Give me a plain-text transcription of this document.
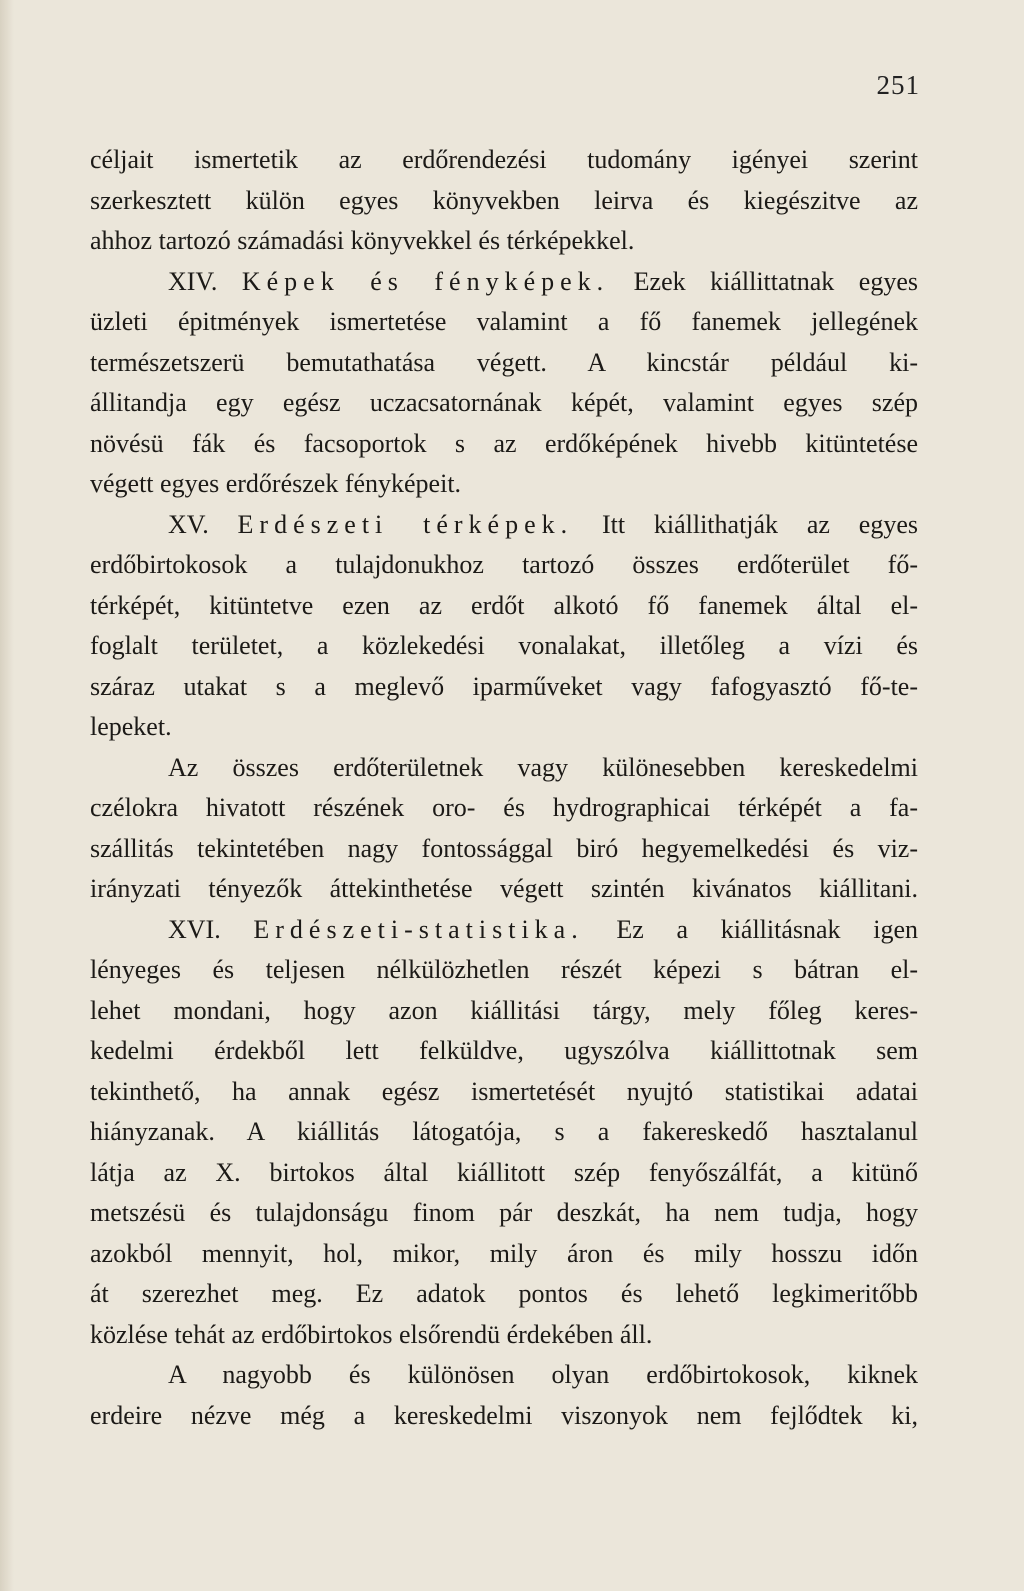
251
céljait ismertetik az erdőrendezési tudomány igényei szerint
szerkesztett külön egyes könyvekben leirva és kiegészitve az
ahhoz tartozó számadási könyvekkel és térképekkel.
XIV. Képek és fényképek. Ezek kiállittatnak egyes
üzleti épitmények ismertetése valamint a fő fanemek jellegének
természetszerü bemutathatása végett. A kincstár például ki-
állitandja egy egész uczacsatornának képét, valamint egyes szép
növésü fák és facsoportok s az erdőképének hivebb kitüntetése
végett egyes erdőrészek fényképeit.
XV. Erdészeti térképek. Itt kiállithatják az egyes
erdőbirtokosok a tulajdonukhoz tartozó összes erdőterület fő-
térképét, kitüntetve ezen az erdőt alkotó fő fanemek által el-
foglalt területet, a közlekedési vonalakat, illetőleg a vízi és
száraz utakat s a meglevő iparműveket vagy fafogyasztó fő-te-
lepeket.
Az összes erdőterületnek vagy különesebben kereskedelmi
czélokra hivatott részének oro- és hydrographicai térképét a fa-
szállitás tekintetében nagy fontossággal biró hegyemelkedési és viz-
irányzati tényezők áttekinthetése végett szintén kivánatos kiállitani.
XVI. Erdészeti-statistika. Ez a kiállitásnak igen
lényeges és teljesen nélkülözhetlen részét képezi s bátran el-
lehet mondani, hogy azon kiállitási tárgy, mely főleg keres-
kedelmi érdekből lett felküldve, ugyszólva kiállittotnak sem
tekinthető, ha annak egész ismertetését nyujtó statistikai adatai
hiányzanak. A kiállitás látogatója, s a fakereskedő hasztalanul
látja az X. birtokos által kiállitott szép fenyőszálfát, a kitünő
metszésü és tulajdonságu finom pár deszkát, ha nem tudja, hogy
azokból mennyit, hol, mikor, mily áron és mily hosszu időn
át szerezhet meg. Ez adatok pontos és lehető legkimeritőbb
közlése tehát az erdőbirtokos elsőrendü érdekében áll.
A nagyobb és különösen olyan erdőbirtokosok, kiknek
erdeire nézve még a kereskedelmi viszonyok nem fejlődtek ki,
